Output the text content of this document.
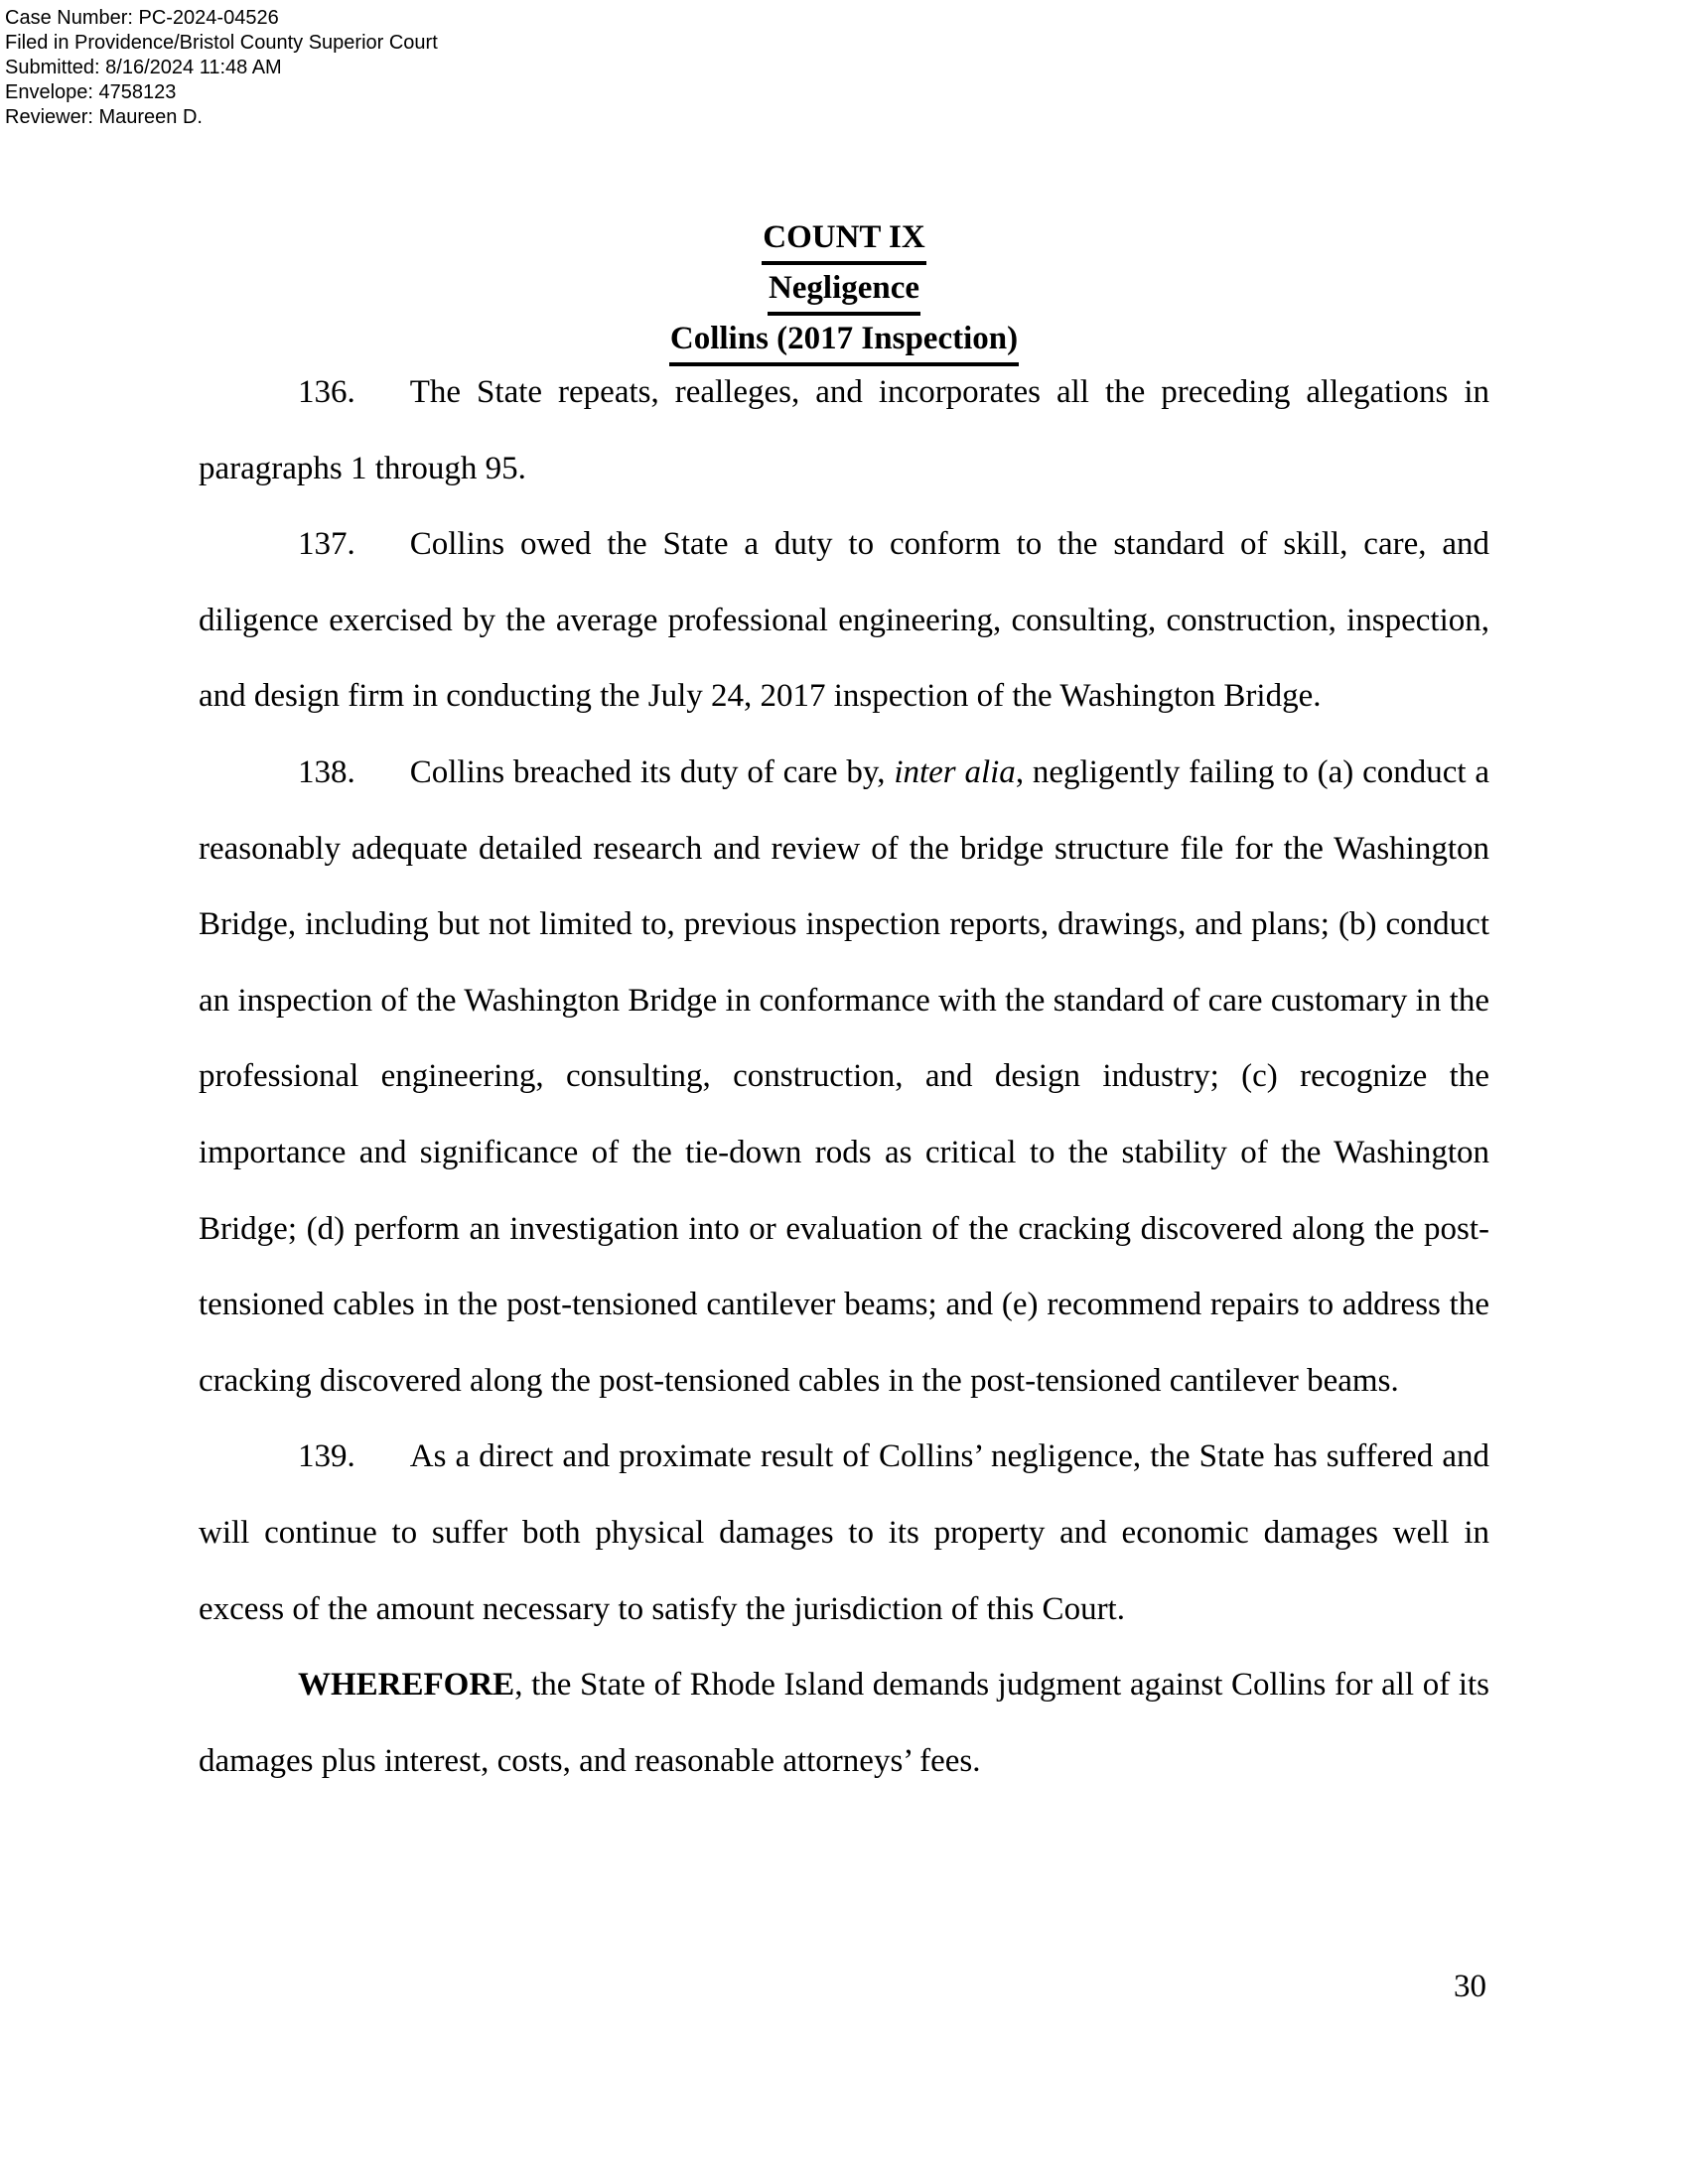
Case Number: PC-2024-04526
Filed in Providence/Bristol County Superior Court
Submitted: 8/16/2024 11:48 AM
Envelope: 4758123
Reviewer: Maureen D.
COUNT IX
Negligence
Collins (2017 Inspection)

136. The State repeats, realleges, and incorporates all the preceding allegations in paragraphs 1 through 95.

137. Collins owed the State a duty to conform to the standard of skill, care, and diligence exercised by the average professional engineering, consulting, construction, inspection, and design firm in conducting the July 24, 2017 inspection of the Washington Bridge.

138. Collins breached its duty of care by, inter alia, negligently failing to (a) conduct a reasonably adequate detailed research and review of the bridge structure file for the Washington Bridge, including but not limited to, previous inspection reports, drawings, and plans; (b) conduct an inspection of the Washington Bridge in conformance with the standard of care customary in the professional engineering, consulting, construction, and design industry; (c) recognize the importance and significance of the tie-down rods as critical to the stability of the Washington Bridge; (d) perform an investigation into or evaluation of the cracking discovered along the post-tensioned cables in the post-tensioned cantilever beams; and (e) recommend repairs to address the cracking discovered along the post-tensioned cables in the post-tensioned cantilever beams.

139. As a direct and proximate result of Collins’ negligence, the State has suffered and will continue to suffer both physical damages to its property and economic damages well in excess of the amount necessary to satisfy the jurisdiction of this Court.

WHEREFORE, the State of Rhode Island demands judgment against Collins for all of its damages plus interest, costs, and reasonable attorneys’ fees.

30
